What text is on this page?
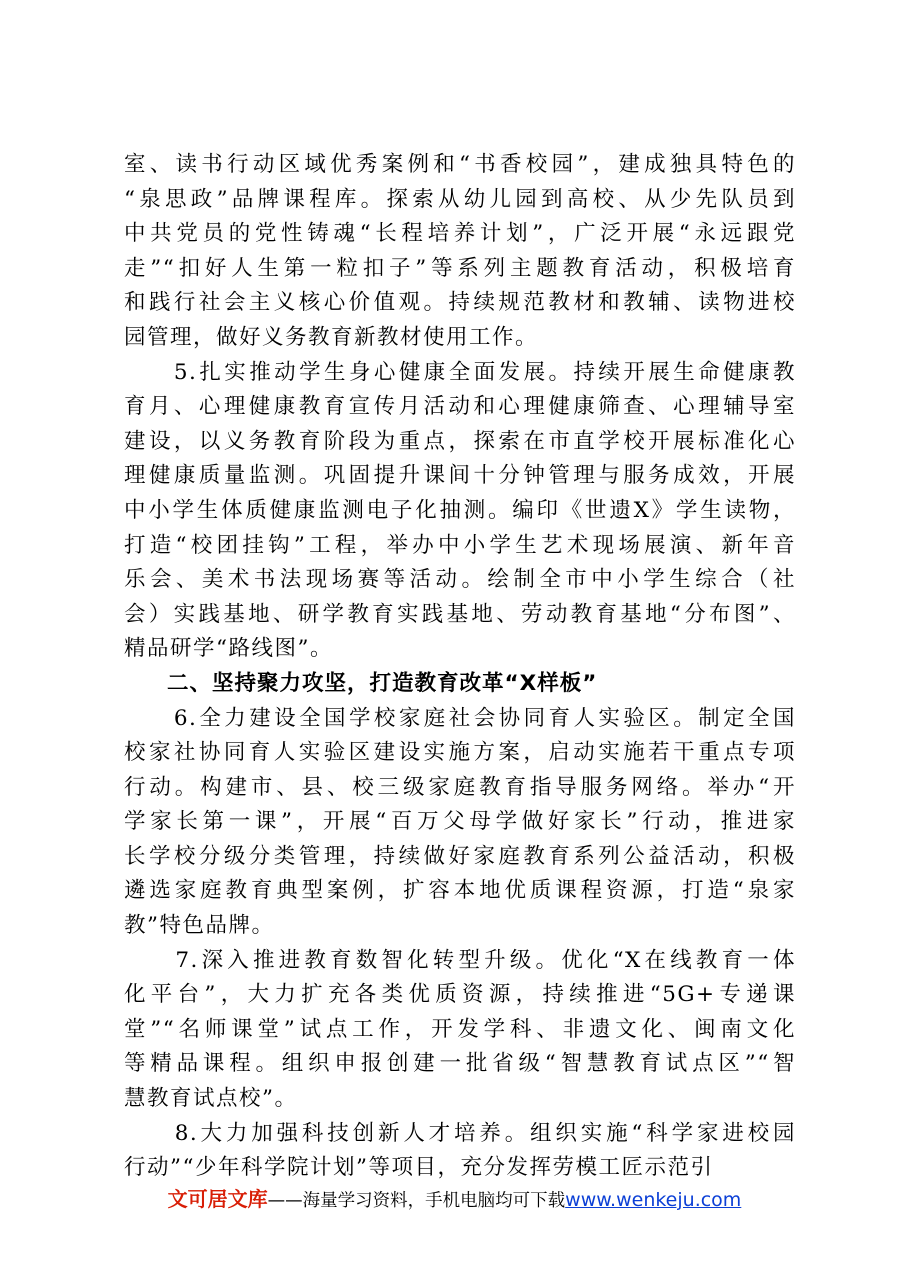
室、读书行动区域优秀案例和“书香校园”，建成独具特色的

“泉思政”品牌课程库。探索从幼儿园到高校、从少先队员到

中共党员的党性铸魂“长程培养计划”，广泛开展“永远跟党

走”“扣好人生第一粒扣子”等系列主题教育活动，积极培育

和践行社会主义核心价值观。持续规范教材和教辅、读物进校

园管理，做好义务教育新教材使用工作。

　　5.扎实推动学生身心健康全面发展。持续开展生命健康教

育月、心理健康教育宣传月活动和心理健康筛查、心理辅导室

建设，以义务教育阶段为重点，探索在市直学校开展标准化心

理健康质量监测。巩固提升课间十分钟管理与服务成效，开展

中小学生体质健康监测电子化抽测。编印《世遗X》学生读物，

打造“校团挂钩”工程，举办中小学生艺术现场展演、新年音

乐会、美术书法现场赛等活动。绘制全市中小学生综合（社

会）实践基地、研学教育实践基地、劳动教育基地“分布图”、

精品研学“路线图”。

二、坚持聚力攻坚，打造教育改革“X样板”

　　6.全力建设全国学校家庭社会协同育人实验区。制定全国

校家社协同育人实验区建设实施方案，启动实施若干重点专项

行动。构建市、县、校三级家庭教育指导服务网络。举办“开

学家长第一课”，开展“百万父母学做好家长”行动，推进家

长学校分级分类管理，持续做好家庭教育系列公益活动，积极

遴选家庭教育典型案例，扩容本地优质课程资源，打造“泉家

教”特色品牌。

　　7.深入推进教育数智化转型升级。优化“X在线教育一体

化平台”，大力扩充各类优质资源，持续推进“5G+专递课

堂”“名师课堂”试点工作，开发学科、非遗文化、闽南文化

等精品课程。组织申报创建一批省级“智慧教育试点区”“智

慧教育试点校”。

　　8.大力加强科技创新人才培养。组织实施“科学家进校园

行动”“少年科学院计划”等项目，充分发挥劳模工匠示范引

文可居文库——海量学习资料，手机电脑均可下载www.wenkeju.com
